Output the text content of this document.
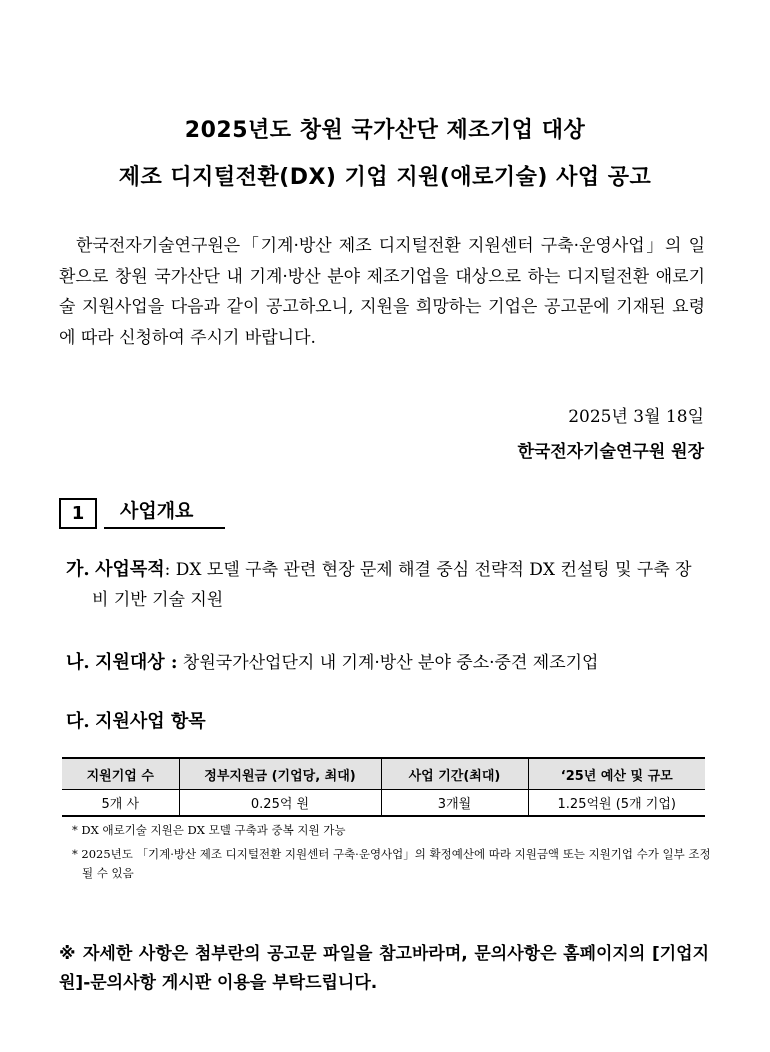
2025년도 창원 국가산단 제조기업 대상
제조 디지털전환(DX) 기업 지원(애로기술) 사업 공고

한국전자기술연구원은「기계·방산 제조 디지털전환 지원센터 구축·운영사업」의 일환으로 창원 국가산단 내 기계·방산 분야 제조기업을 대상으로 하는 디지털전환 애로기술 지원사업을 다음과 같이 공고하오니, 지원을 희망하는 기업은 공고문에 기재된 요령에 따라 신청하여 주시기 바랍니다.

2025년 3월 18일
한국전자기술연구원 원장
1	사업개요
가. 사업목적: DX 모델 구축 관련 현장 문제 해결 중심 전략적 DX 컨설팅 및 구축 장비 기반 기술 지원
나. 지원대상 : 창원국가산업단지 내 기계·방산 분야 중소·중견 제조기업
다. 지원사업 항목
지원기업 수	정부지원금 (기업당, 최대)	사업 기간(최대)	‘25년 예산 및 규모
5개 사	0.25억 원	3개월	1.25억원 (5개 기업)
* DX 애로기술 지원은 DX 모델 구축과 중복 지원 가능
* 2025년도 「기계·방산 제조 디지털전환 지원센터 구축·운영사업」의 확정예산에 따라 지원금액 또는 지원기업 수가 일부 조정될 수 있음

※ 자세한 사항은 첨부란의 공고문 파일을 참고바라며, 문의사항은 홈페이지의 [기업지원]-문의사항 게시판 이용을 부탁드립니다.
